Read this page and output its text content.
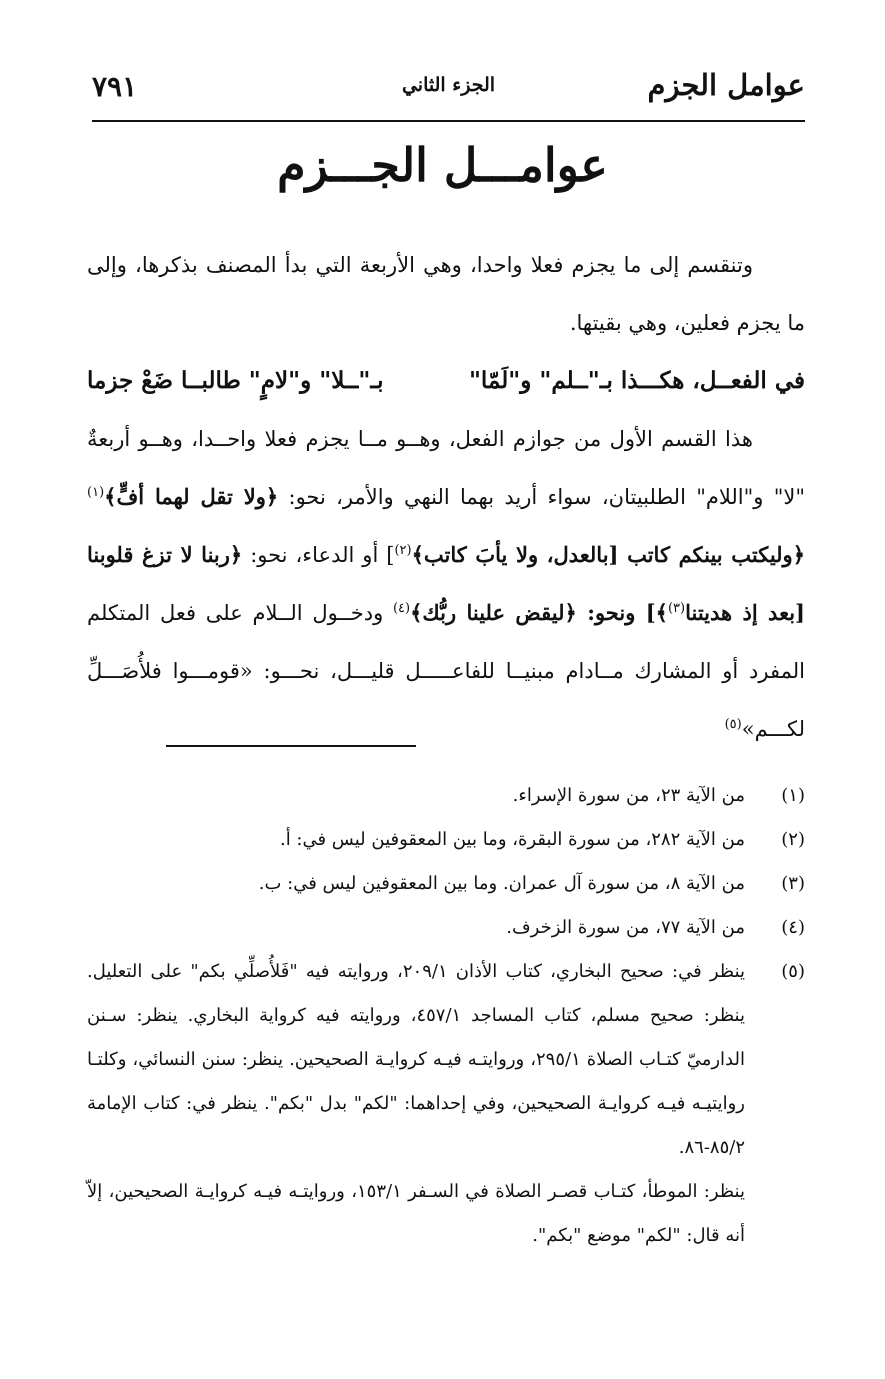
عوامل الجزم
الجزء الثاني
٧٩١
عوامـــل الجـــزم

وتنقسم إلى ما يجزم فعلا واحدا، وهي الأربعة التي بدأ المصنف بذكرها، وإلى ما يجزم فعلين، وهي بقيتها.

في الفعــل، هكـــذا بـ"ــلم" و"لَمّا"
بـ"ــلا" و"لامٍ" طالبــا ضَعْ جزما

هذا القسم الأول من جوازم الفعل، وهــو مــا يجزم فعلا واحــدا، وهــو أربعةٌ "لا" و"اللام" الطلبيتان، سواء أريد بهما النهي والأمر، نحو: ﴿ولا تقل لهما أفٍّ﴾$^{(١)}$ ﴿وليكتب بينكم كاتب [بالعدل، ولا يأبَ كاتب﴾$^{(٢)}$] أو الدعاء، نحو: ﴿ربنا لا تزغ قلوبنا [بعد إذ هديتنا$^{(٣)}$﴾] ونحو: ﴿ليقض علينا ربُّك﴾$^{(٤)}$ ودخــول الــلام على فعل المتكلم المفرد أو المشارك مــادام مبنيــا للفاعـــــل قليـــل، نحـــو: «قومـــوا فلأُصَـــلِّ لكـــم»$^{(٥)}$

(١)
من الآية ٢٣، من سورة الإسراء.
(٢)
من الآية ٢٨٢، من سورة البقرة، وما بين المعقوفين ليس في: أ.
(٣)
من الآية ٨، من سورة آل عمران. وما بين المعقوفين ليس في: ب.
(٤)
من الآية ٧٧، من سورة الزخرف.
(٥)
ينظر في: صحيح البخاري، كتاب الأذان ٢٠٩/١، وروايته فيه "فَلأُصلِّي بكم" على التعليل. ينظر: صحيح مسلم، كتاب المساجد ٤٥٧/١، وروايته فيه كرواية البخاري. ينظر: سـنن الدارميّ كتـاب الصلاة ٢٩٥/١، وروايتـه فيـه كروايـة الصحيحين. ينظر: سنن النسائي، وكلتـا روايتيـه فيـه كروايـة الصحيحين، وفي إحداهما: "لكم" بدل "بكم". ينظر في: كتاب الإمامة ٨٥/٢-٨٦.
ينظر: الموطأ، كتـاب قصـر الصلاة في السـفر ١٥٣/١، وروايتـه فيـه كروايـة الصحيحين، إلاّ أنه قال: "لكم" موضع "بكم".
